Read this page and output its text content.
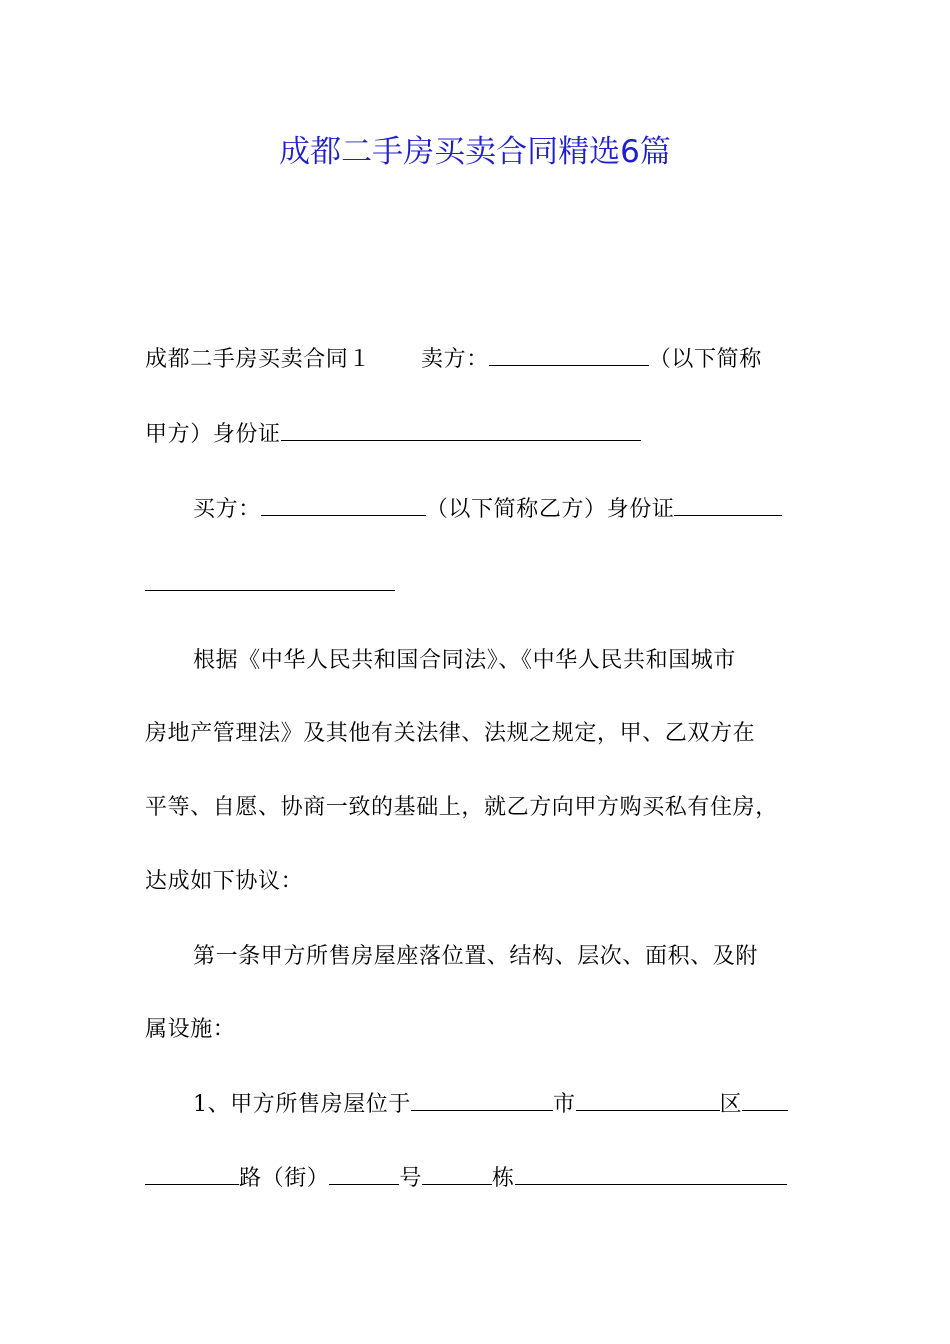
成都二手房买卖合同精选6篇
成都二手房买卖合同１ 卖方：	（以下简称
甲方）身份证
买方：	（以下简称乙方）身份证
根据《中华人民共和国合同法》、《中华人民共和国城市
房地产管理法》及其他有关法律、法规之规定，甲、乙双方在
平等、自愿、协商一致的基础上，就乙方向甲方购买私有住房，
达成如下协议：
第一条甲方所售房屋座落位置、结构、层次、面积、及附
属设施：
1、甲方所售房屋位于	市	区
路（街）	号	栋
